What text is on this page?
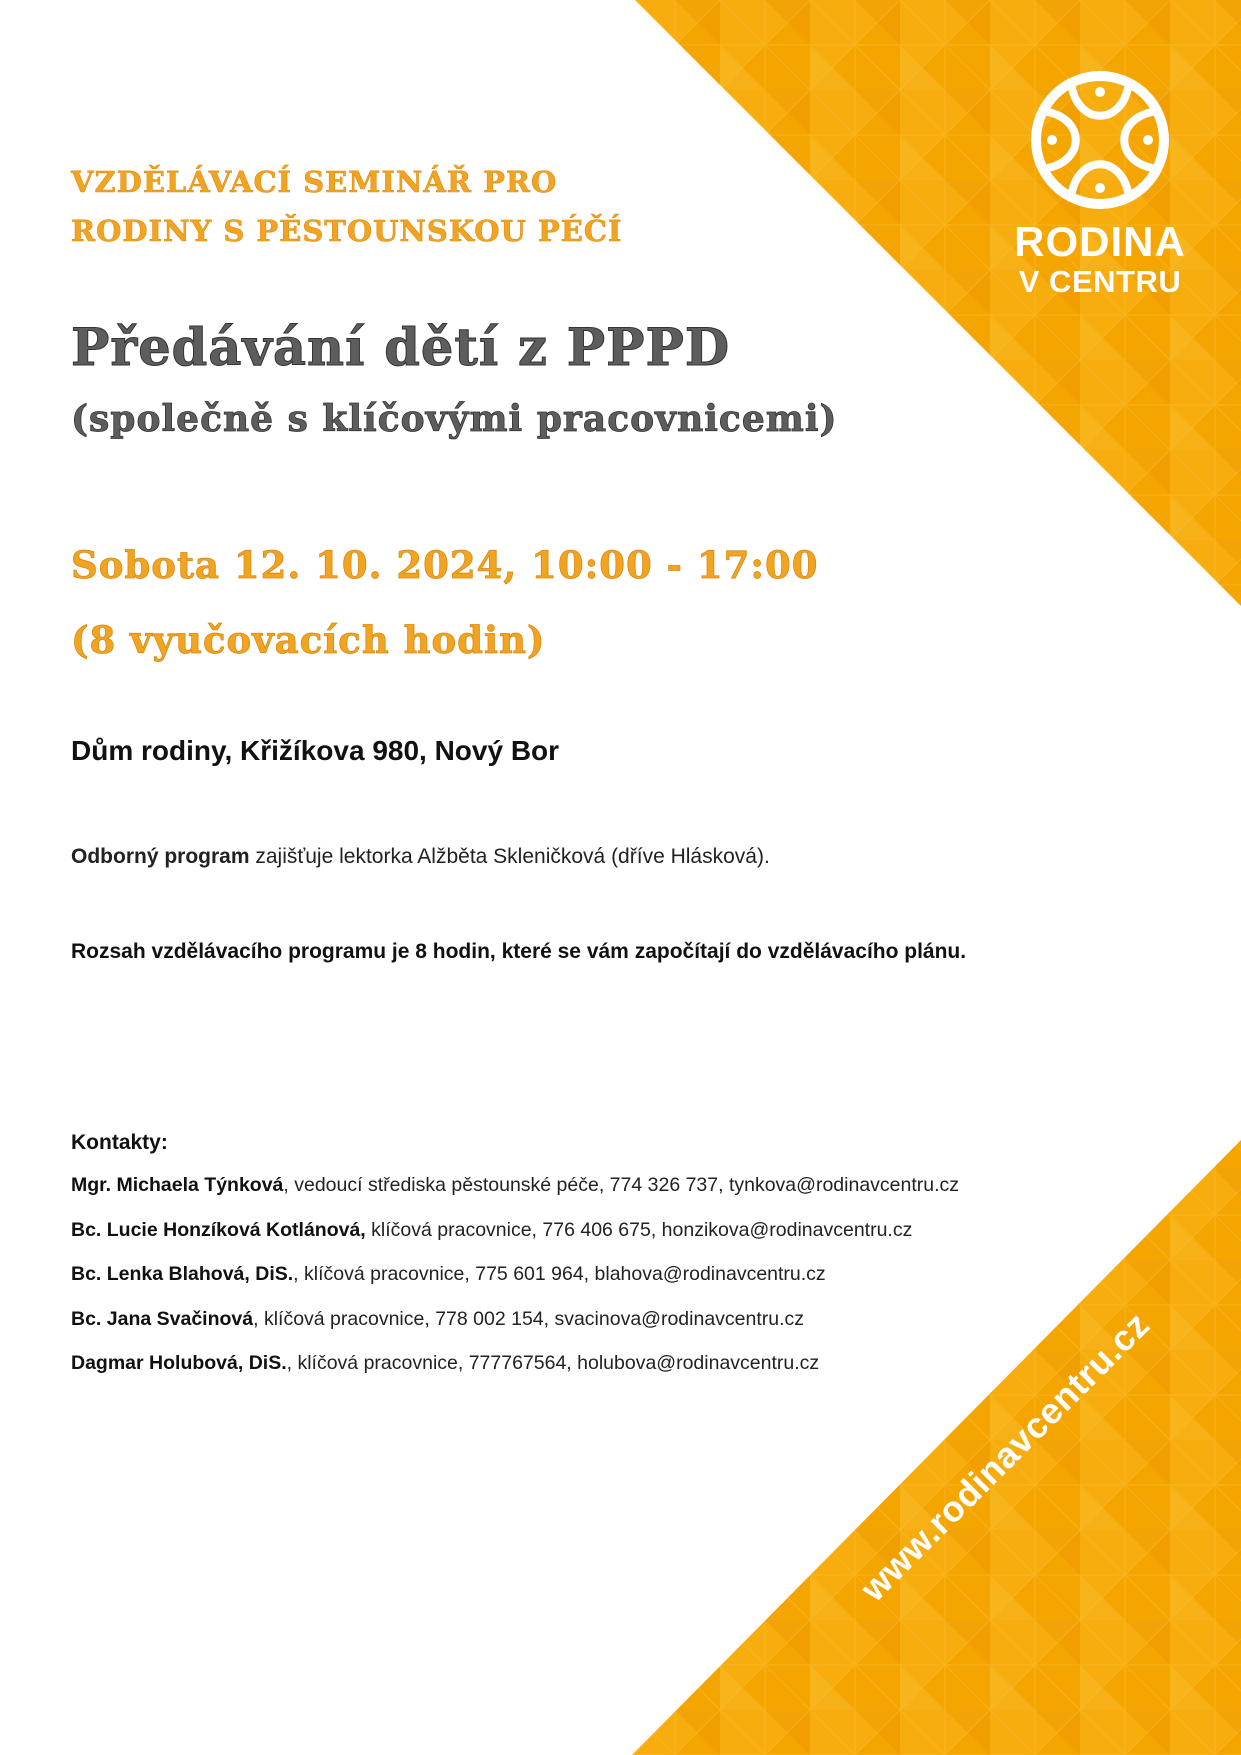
RODINA
V CENTRU
VZDĚLÁVACÍ SEMINÁŘ PRO
RODINY S PĚSTOUNSKOU PÉČÍ
Předávání dětí z PPPD
(společně s klíčovými pracovnicemi)
Sobota 12. 10. 2024, 10:00 - 17:00
(8 vyučovacích hodin)
Dům rodiny, Křižíkova 980, Nový Bor
Odborný program zajišťuje lektorka Alžběta Skleničková (dříve Hlásková).
Rozsah vzdělávacího programu je 8 hodin, které se vám započítají do vzdělávacího plánu.
Kontakty:
Mgr. Michaela Týnková, vedoucí střediska pěstounské péče, 774 326 737, tynkova@rodinavcentru.cz
Bc. Lucie Honzíková Kotlánová, klíčová pracovnice, 776 406 675, honzikova@rodinavcentru.cz
Bc. Lenka Blahová, DiS., klíčová pracovnice, 775 601 964, blahova@rodinavcentru.cz
Bc. Jana Svačinová, klíčová pracovnice, 778 002 154, svacinova@rodinavcentru.cz
Dagmar Holubová, DiS., klíčová pracovnice, 777767564, holubova@rodinavcentru.cz www.rodinavcentru.cz
